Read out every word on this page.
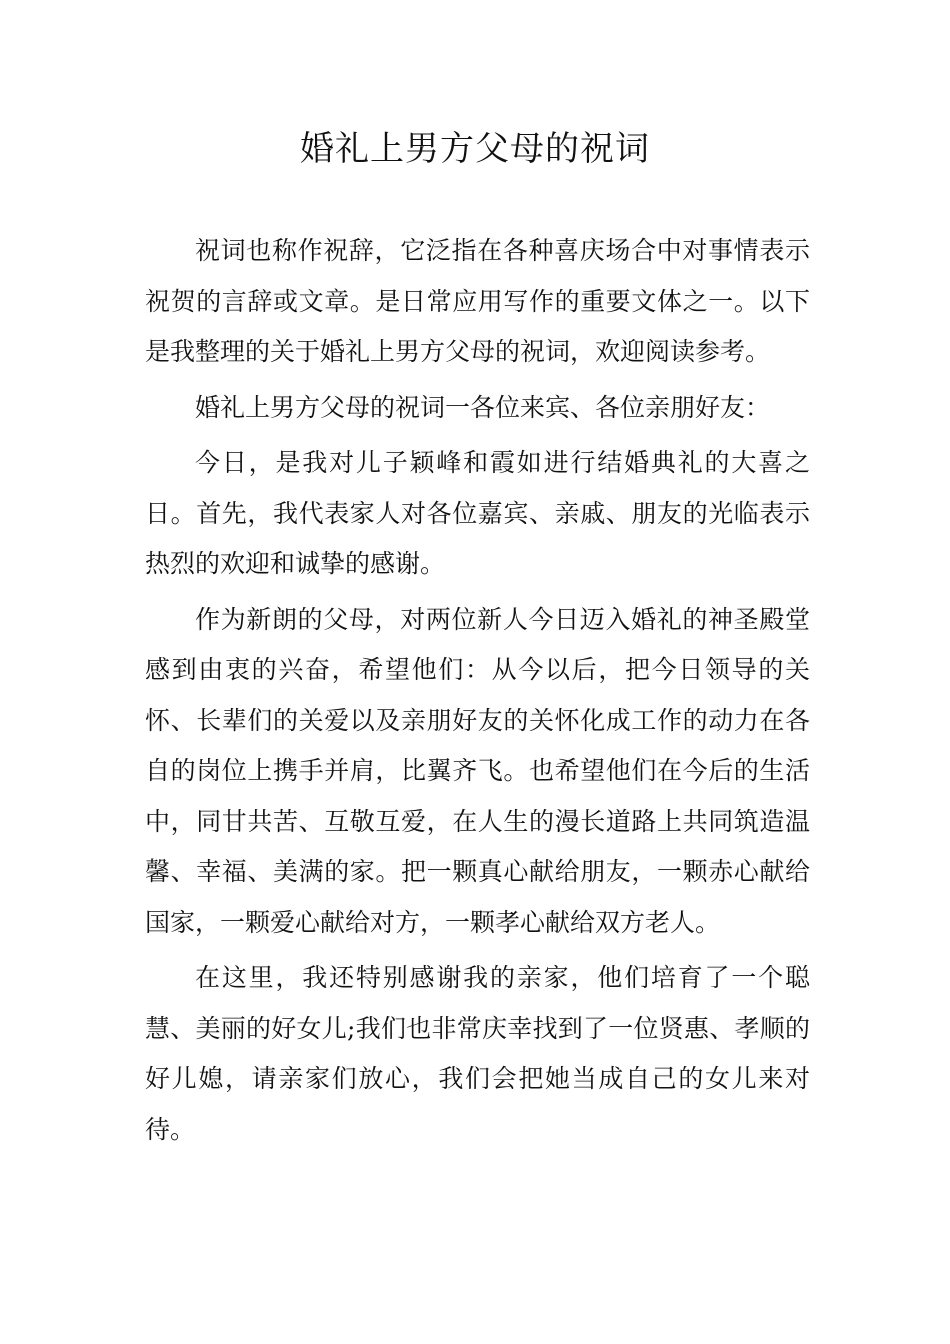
婚礼上男方父母的祝词

祝词也称作祝辞，它泛指在各种喜庆场合中对事情表示祝贺的言辞或文章。是日常应用写作的重要文体之一。以下是我整理的关于婚礼上男方父母的祝词，欢迎阅读参考。

婚礼上男方父母的祝词一各位来宾、各位亲朋好友：

今日，是我对儿子颖峰和霞如进行结婚典礼的大喜之日。首先，我代表家人对各位嘉宾、亲戚、朋友的光临表示热烈的欢迎和诚挚的感谢。

作为新朗的父母，对两位新人今日迈入婚礼的神圣殿堂感到由衷的兴奋，希望他们：从今以后，把今日领导的关怀、长辈们的关爱以及亲朋好友的关怀化成工作的动力在各自的岗位上携手并肩，比翼齐飞。也希望他们在今后的生活中，同甘共苦、互敬互爱，在人生的漫长道路上共同筑造温馨、幸福、美满的家。把一颗真心献给朋友，一颗赤心献给国家，一颗爱心献给对方，一颗孝心献给双方老人。

在这里，我还特别感谢我的亲家，他们培育了一个聪慧、美丽的好女儿;我们也非常庆幸找到了一位贤惠、孝顺的好儿媳，请亲家们放心，我们会把她当成自己的女儿来对待。
